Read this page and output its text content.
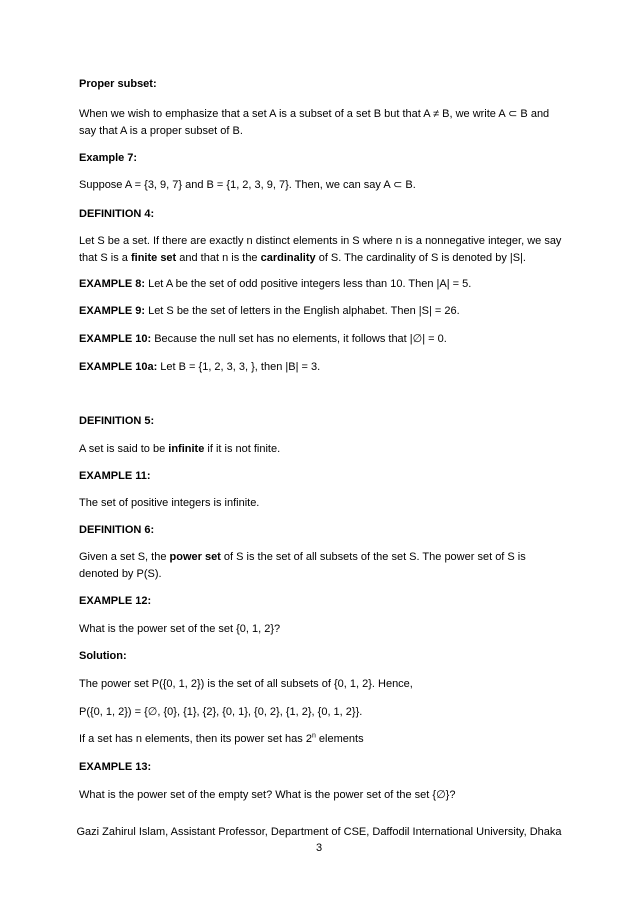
Proper subset:

When we wish to emphasize that a set A is a subset of a set B but that A ≠ B, we write A ⊂ B and say that A is a proper subset of B.

Example 7:

Suppose A = {3, 9, 7} and B = {1, 2, 3, 9, 7}. Then, we can say A ⊂ B.

DEFINITION 4:

Let S be a set. If there are exactly n distinct elements in S where n is a nonnegative integer, we say that S is a finite set and that n is the cardinality of S. The cardinality of S is denoted by |S|.

EXAMPLE 8: Let A be the set of odd positive integers less than 10. Then |A| = 5.

EXAMPLE 9: Let S be the set of letters in the English alphabet. Then |S| = 26.

EXAMPLE 10: Because the null set has no elements, it follows that |∅| = 0.

EXAMPLE 10a: Let B = {1, 2, 3, 3, }, then |B| = 3.

DEFINITION 5:

A set is said to be infinite if it is not finite.

EXAMPLE 11:

The set of positive integers is infinite.

DEFINITION 6:

Given a set S, the power set of S is the set of all subsets of the set S. The power set of S is denoted by P(S).

EXAMPLE 12:

What is the power set of the set {0, 1, 2}?

Solution:

The power set P({0, 1, 2}) is the set of all subsets of {0, 1, 2}. Hence,

P({0, 1, 2}) = {∅, {0}, {1}, {2}, {0, 1}, {0, 2}, {1, 2}, {0, 1, 2}}.

If a set has n elements, then its power set has 2$^n$ elements

EXAMPLE 13:

What is the power set of the empty set? What is the power set of the set {∅}?

Gazi Zahirul Islam, Assistant Professor, Department of CSE, Daffodil International University, Dhaka
3
